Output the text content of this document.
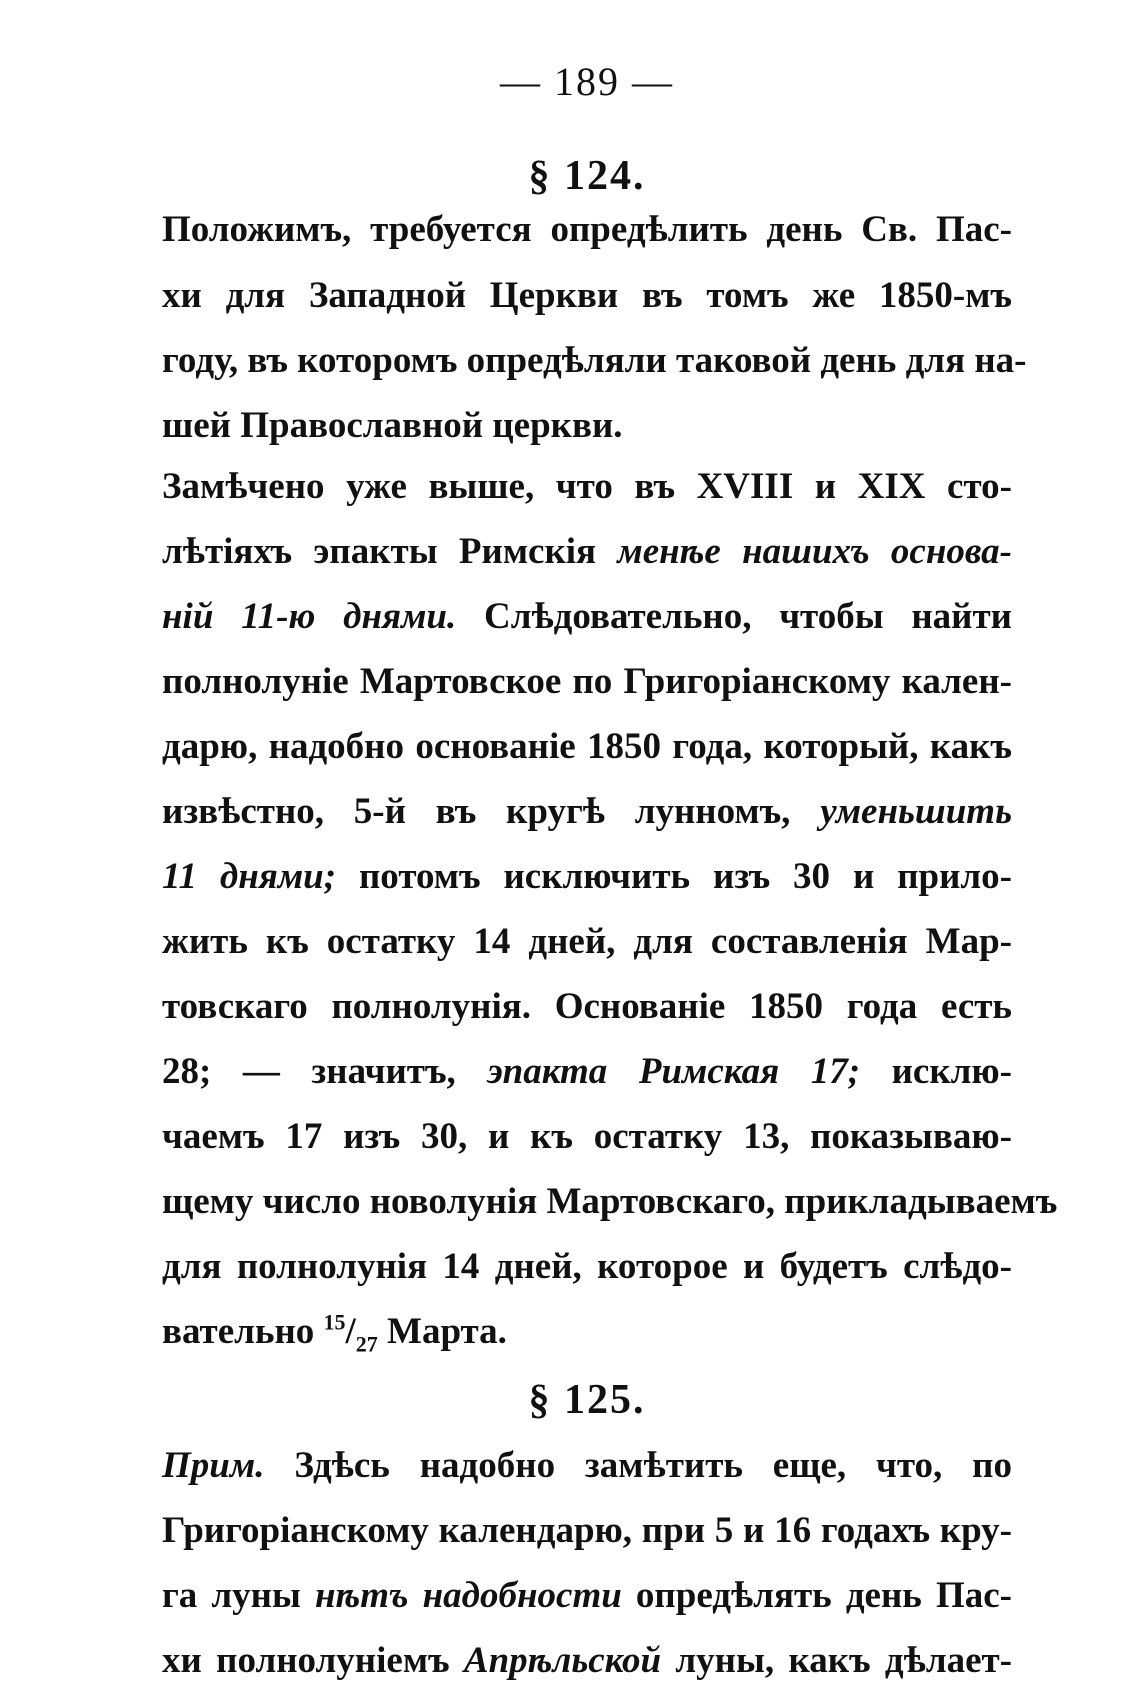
— 189 —
§ 124.
Положимъ, требуется опредѣлить день Св. Пас-
хи для Западной Церкви въ томъ же 1850-мъ
году, въ которомъ опредѣляли таковой день для на-
шей Православной церкви.
Замѣчено уже выше, что въ XVIII и XIX сто-
лѣтіяхъ эпакты Римскія менѣе нашихъ основа-
ній 11-ю днями. Слѣдовательно, чтобы найти
полнолуніе Мартовское по Григоріанскому кален-
дарю, надобно основаніе 1850 года, который, какъ
извѣстно, 5-й въ кругѣ лунномъ, уменьшить
11 днями; потомъ исключить изъ 30 и прило-
жить къ остатку 14 дней, для составленія Мар-
товскаго полнолунія. Основаніе 1850 года есть
28; — значитъ, эпакта Римская 17; исклю-
чаемъ 17 изъ 30, и къ остатку 13, показываю-
щему число новолунія Мартовскаго, прикладываемъ
для полнолунія 14 дней, которое и будетъ слѣдо-
вательно $^{15}/_{27}$ Марта.
§ 125.
Прим. Здѣсь надобно замѣтить еще, что, по
Григоріанскому календарю, при 5 и 16 годахъ кру-
га луны нѣтъ надобности опредѣлять день Пас-
хи полнолуніемъ Апрѣльской луны, какъ дѣлает-
